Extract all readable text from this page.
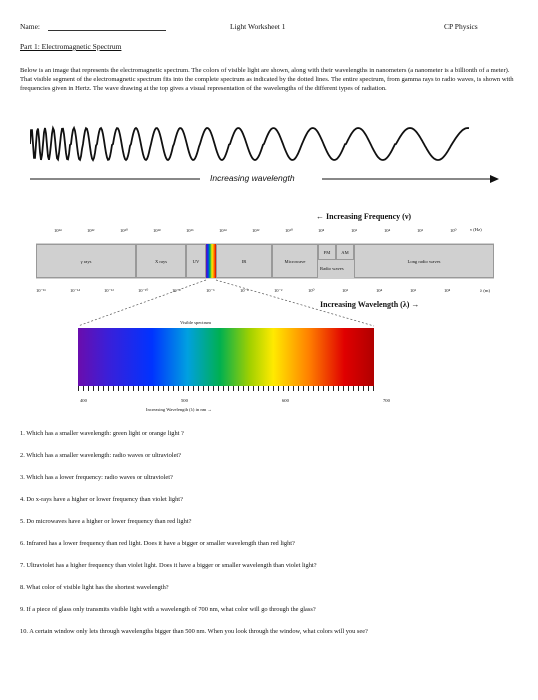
Name:	Light Worksheet 1	CP Physics
Part 1: Electromagnetic Spectrum
Below is an image that represents the electromagnetic spectrum. The colors of visible light are shown, along with their wavelengths in nanometers (a nanometer is a billionth of a meter). That visible segment of the electromagnetic spectrum fits into the complete spectrum as indicated by the dotted lines. The entire spectrum, from gamma rays to radio waves, is shown with frequencies given in Hertz. The wave drawing at the top gives a visual representation of the wavelengths of the different types of radiation.
Increasing wavelength
← Increasing Frequency (ν)
10²⁴	10²²	10²⁰	10¹⁸	10¹⁶	10¹⁴	10¹²	10¹⁰	10⁸	10⁶	10⁴	10²	10⁰	ν (Hz)
γ rays	X rays	UV	IR	Microwave
FM	AM
Radio waves
Long radio waves
10⁻¹⁶	10⁻¹⁴	10⁻¹²	10⁻¹⁰	10⁻⁸	10⁻⁶	10⁻⁴	10⁻²	10⁰	10²	10⁴	10⁶	10⁸	λ (m)
Increasing Wavelength (λ) →
Visible spectrum
400	500	600	700
Increasing Wavelength (λ) in nm →
1. Which has a smaller wavelength: green light or orange light ?
2. Which has a smaller wavelength: radio waves or ultraviolet?
3. Which has a lower frequency: radio waves or ultraviolet?
4. Do x-rays have a higher or lower frequency than violet light?
5. Do microwaves have a higher or lower frequency than red light?
6. Infrared has a lower frequency than red light. Does it have a bigger or smaller wavelength than red light?
7. Ultraviolet has a higher frequency than violet light. Does it have a bigger or smaller wavelength than violet light?
8. What color of visible light has the shortest wavelength?
9. If a piece of glass only transmits visible light with a wavelength of 700 nm, what color will go through the glass?
10. A certain window only lets through wavelengths bigger than 500 nm. When you look through the window, what colors will you see?
